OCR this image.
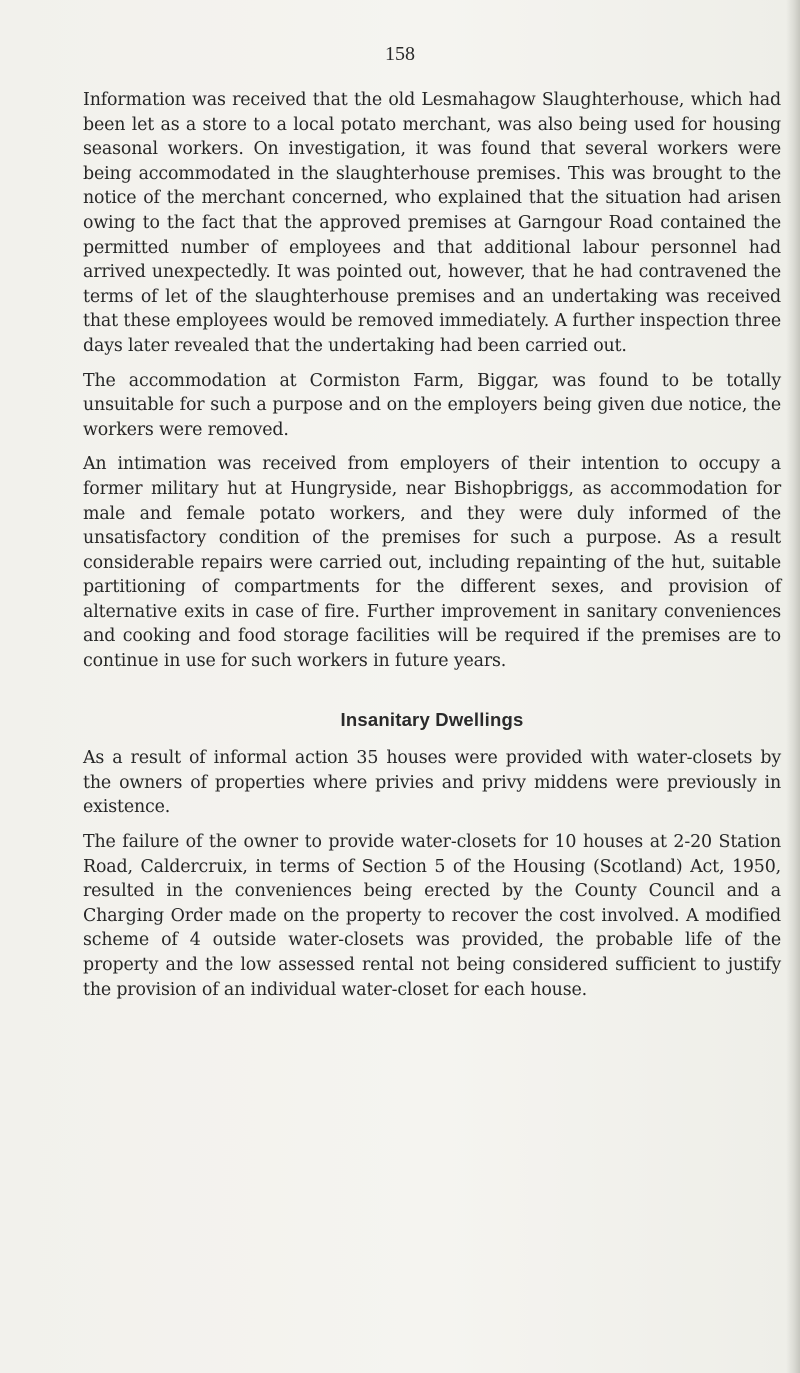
158

Information was received that the old Lesmahagow Slaughterhouse, which had been let as a store to a local potato merchant, was also being used for housing seasonal workers. On investigation, it was found that several workers were being accommodated in the slaughterhouse premises. This was brought to the notice of the merchant concerned, who explained that the situation had arisen owing to the fact that the approved premises at Garngour Road contained the permitted number of employees and that additional labour personnel had arrived unexpectedly. It was pointed out, however, that he had contravened the terms of let of the slaughterhouse premises and an undertaking was received that these employees would be removed immediately. A further inspection three days later revealed that the undertaking had been carried out.

The accommodation at Cormiston Farm, Biggar, was found to be totally unsuitable for such a purpose and on the employers being given due notice, the workers were removed.

An intimation was received from employers of their intention to occupy a former military hut at Hungryside, near Bishopbriggs, as accommodation for male and female potato workers, and they were duly informed of the unsatisfactory condition of the premises for such a purpose. As a result considerable repairs were carried out, including repainting of the hut, suitable partitioning of compartments for the different sexes, and provision of alternative exits in case of fire. Further improvement in sanitary conveniences and cooking and food storage facilities will be required if the premises are to continue in use for such workers in future years.

Insanitary Dwellings

As a result of informal action 35 houses were provided with water-closets by the owners of properties where privies and privy middens were previously in existence.

The failure of the owner to provide water-closets for 10 houses at 2-20 Station Road, Caldercruix, in terms of Section 5 of the Housing (Scotland) Act, 1950, resulted in the conveniences being erected by the County Council and a Charging Order made on the property to recover the cost involved. A modified scheme of 4 outside water-closets was provided, the probable life of the property and the low assessed rental not being considered sufficient to justify the provision of an individual water-closet for each house.
